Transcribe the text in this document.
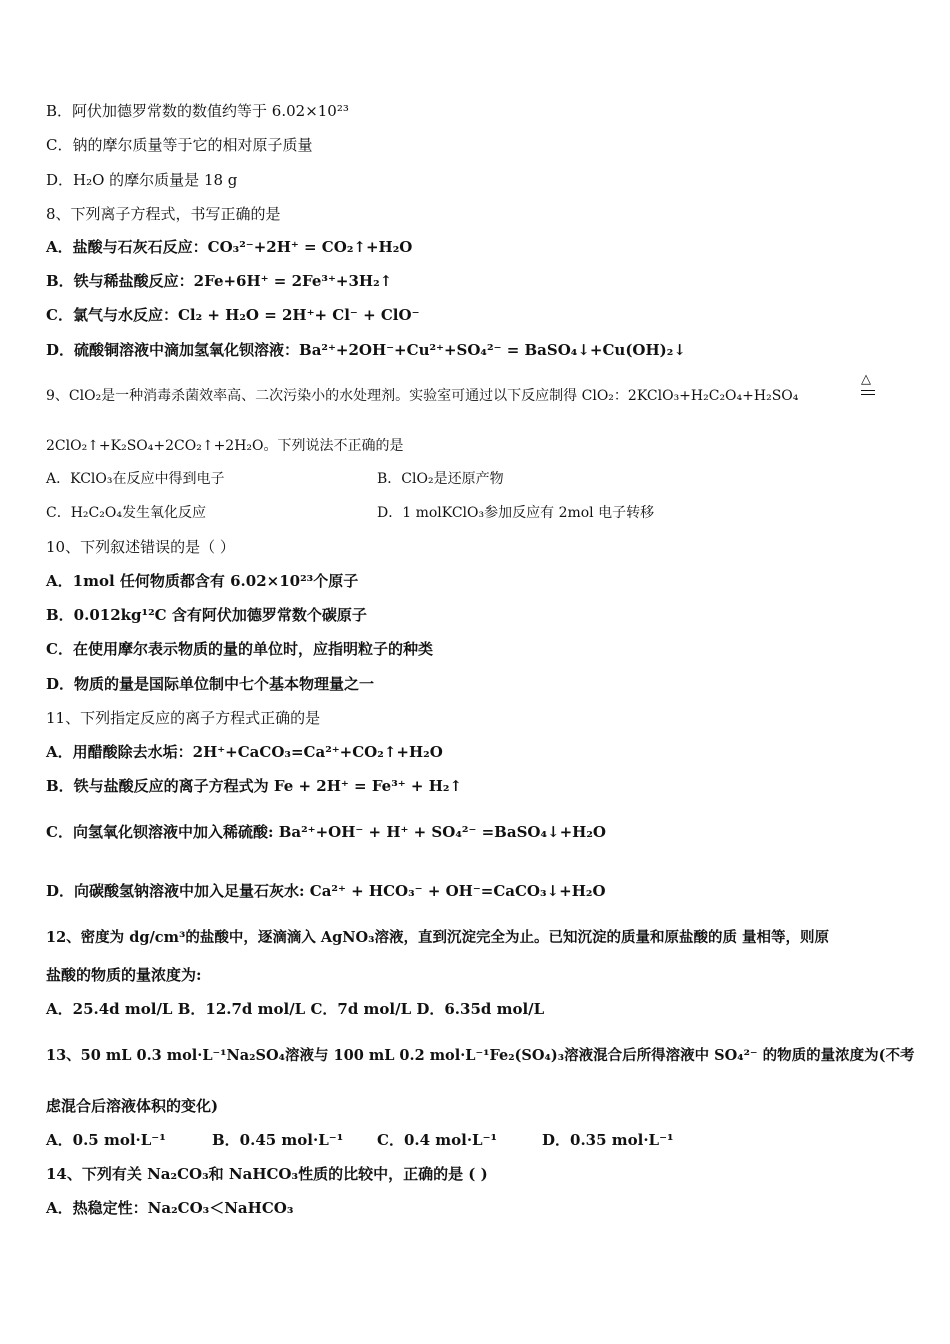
B．阿伏加德罗常数的数值约等于 6.02×10²³
C．钠的摩尔质量等于它的相对原子质量
D．H₂O 的摩尔质量是 18 g
8、下列离子方程式，书写正确的是
A．盐酸与石灰石反应：CO₃²⁻+2H⁺ = CO₂↑+H₂O
B．铁与稀盐酸反应：2Fe+6H⁺ = 2Fe³⁺+3H₂↑
C．氯气与水反应：Cl₂ + H₂O = 2H⁺+ Cl⁻ + ClO⁻
D．硫酸铜溶液中滴加氢氧化钡溶液：Ba²⁺+2OH⁻+Cu²⁺+SO₄²⁻ = BaSO₄↓+Cu(OH)₂↓
9、ClO₂是一种消毒杀菌效率高、二次污染小的水处理剂。实验室可通过以下反应制得 ClO₂：2KClO₃+H₂C₂O₄+H₂SO₄
△
2ClO₂↑+K₂SO₄+2CO₂↑+2H₂O。下列说法不正确的是
A．KClO₃在反应中得到电子	B．ClO₂是还原产物
C．H₂C₂O₄发生氧化反应	D．1 molKClO₃参加反应有 2mol 电子转移
10、下列叙述错误的是（ ）
A．1mol 任何物质都含有 6.02×10²³个原子
B．0.012kg¹²C 含有阿伏加德罗常数个碳原子
C．在使用摩尔表示物质的量的单位时，应指明粒子的种类
D．物质的量是国际单位制中七个基本物理量之一
11、下列指定反应的离子方程式正确的是
A．用醋酸除去水垢：2H⁺+CaCO₃=Ca²⁺+CO₂↑+H₂O
B．铁与盐酸反应的离子方程式为 Fe + 2H⁺ = Fe³⁺ + H₂↑
C．向氢氧化钡溶液中加入稀硫酸: Ba²⁺+OH⁻ + H⁺ + SO₄²⁻ =BaSO₄↓+H₂O
D．向碳酸氢钠溶液中加入足量石灰水: Ca²⁺ + HCO₃⁻ + OH⁻=CaCO₃↓+H₂O
12、密度为 dg/cm³的盐酸中，逐滴滴入 AgNO₃溶液，直到沉淀完全为止。已知沉淀的质量和原盐酸的质 量相等，则原
盐酸的物质的量浓度为:
A．25.4d mol/L B．12.7d mol/L C．7d mol/L D．6.35d mol/L
13、50 mL 0.3 mol·L⁻¹Na₂SO₄溶液与 100 mL 0.2 mol·L⁻¹Fe₂(SO₄)₃溶液混合后所得溶液中 SO₄²⁻ 的物质的量浓度为(不考
虑混合后溶液体积的变化)
A．0.5 mol·L⁻¹	B．0.45 mol·L⁻¹ C．0.4 mol·L⁻¹	D．0.35 mol·L⁻¹
14、下列有关 Na₂CO₃和 NaHCO₃性质的比较中，正确的是 ( )
A．热稳定性：Na₂CO₃＜NaHCO₃
